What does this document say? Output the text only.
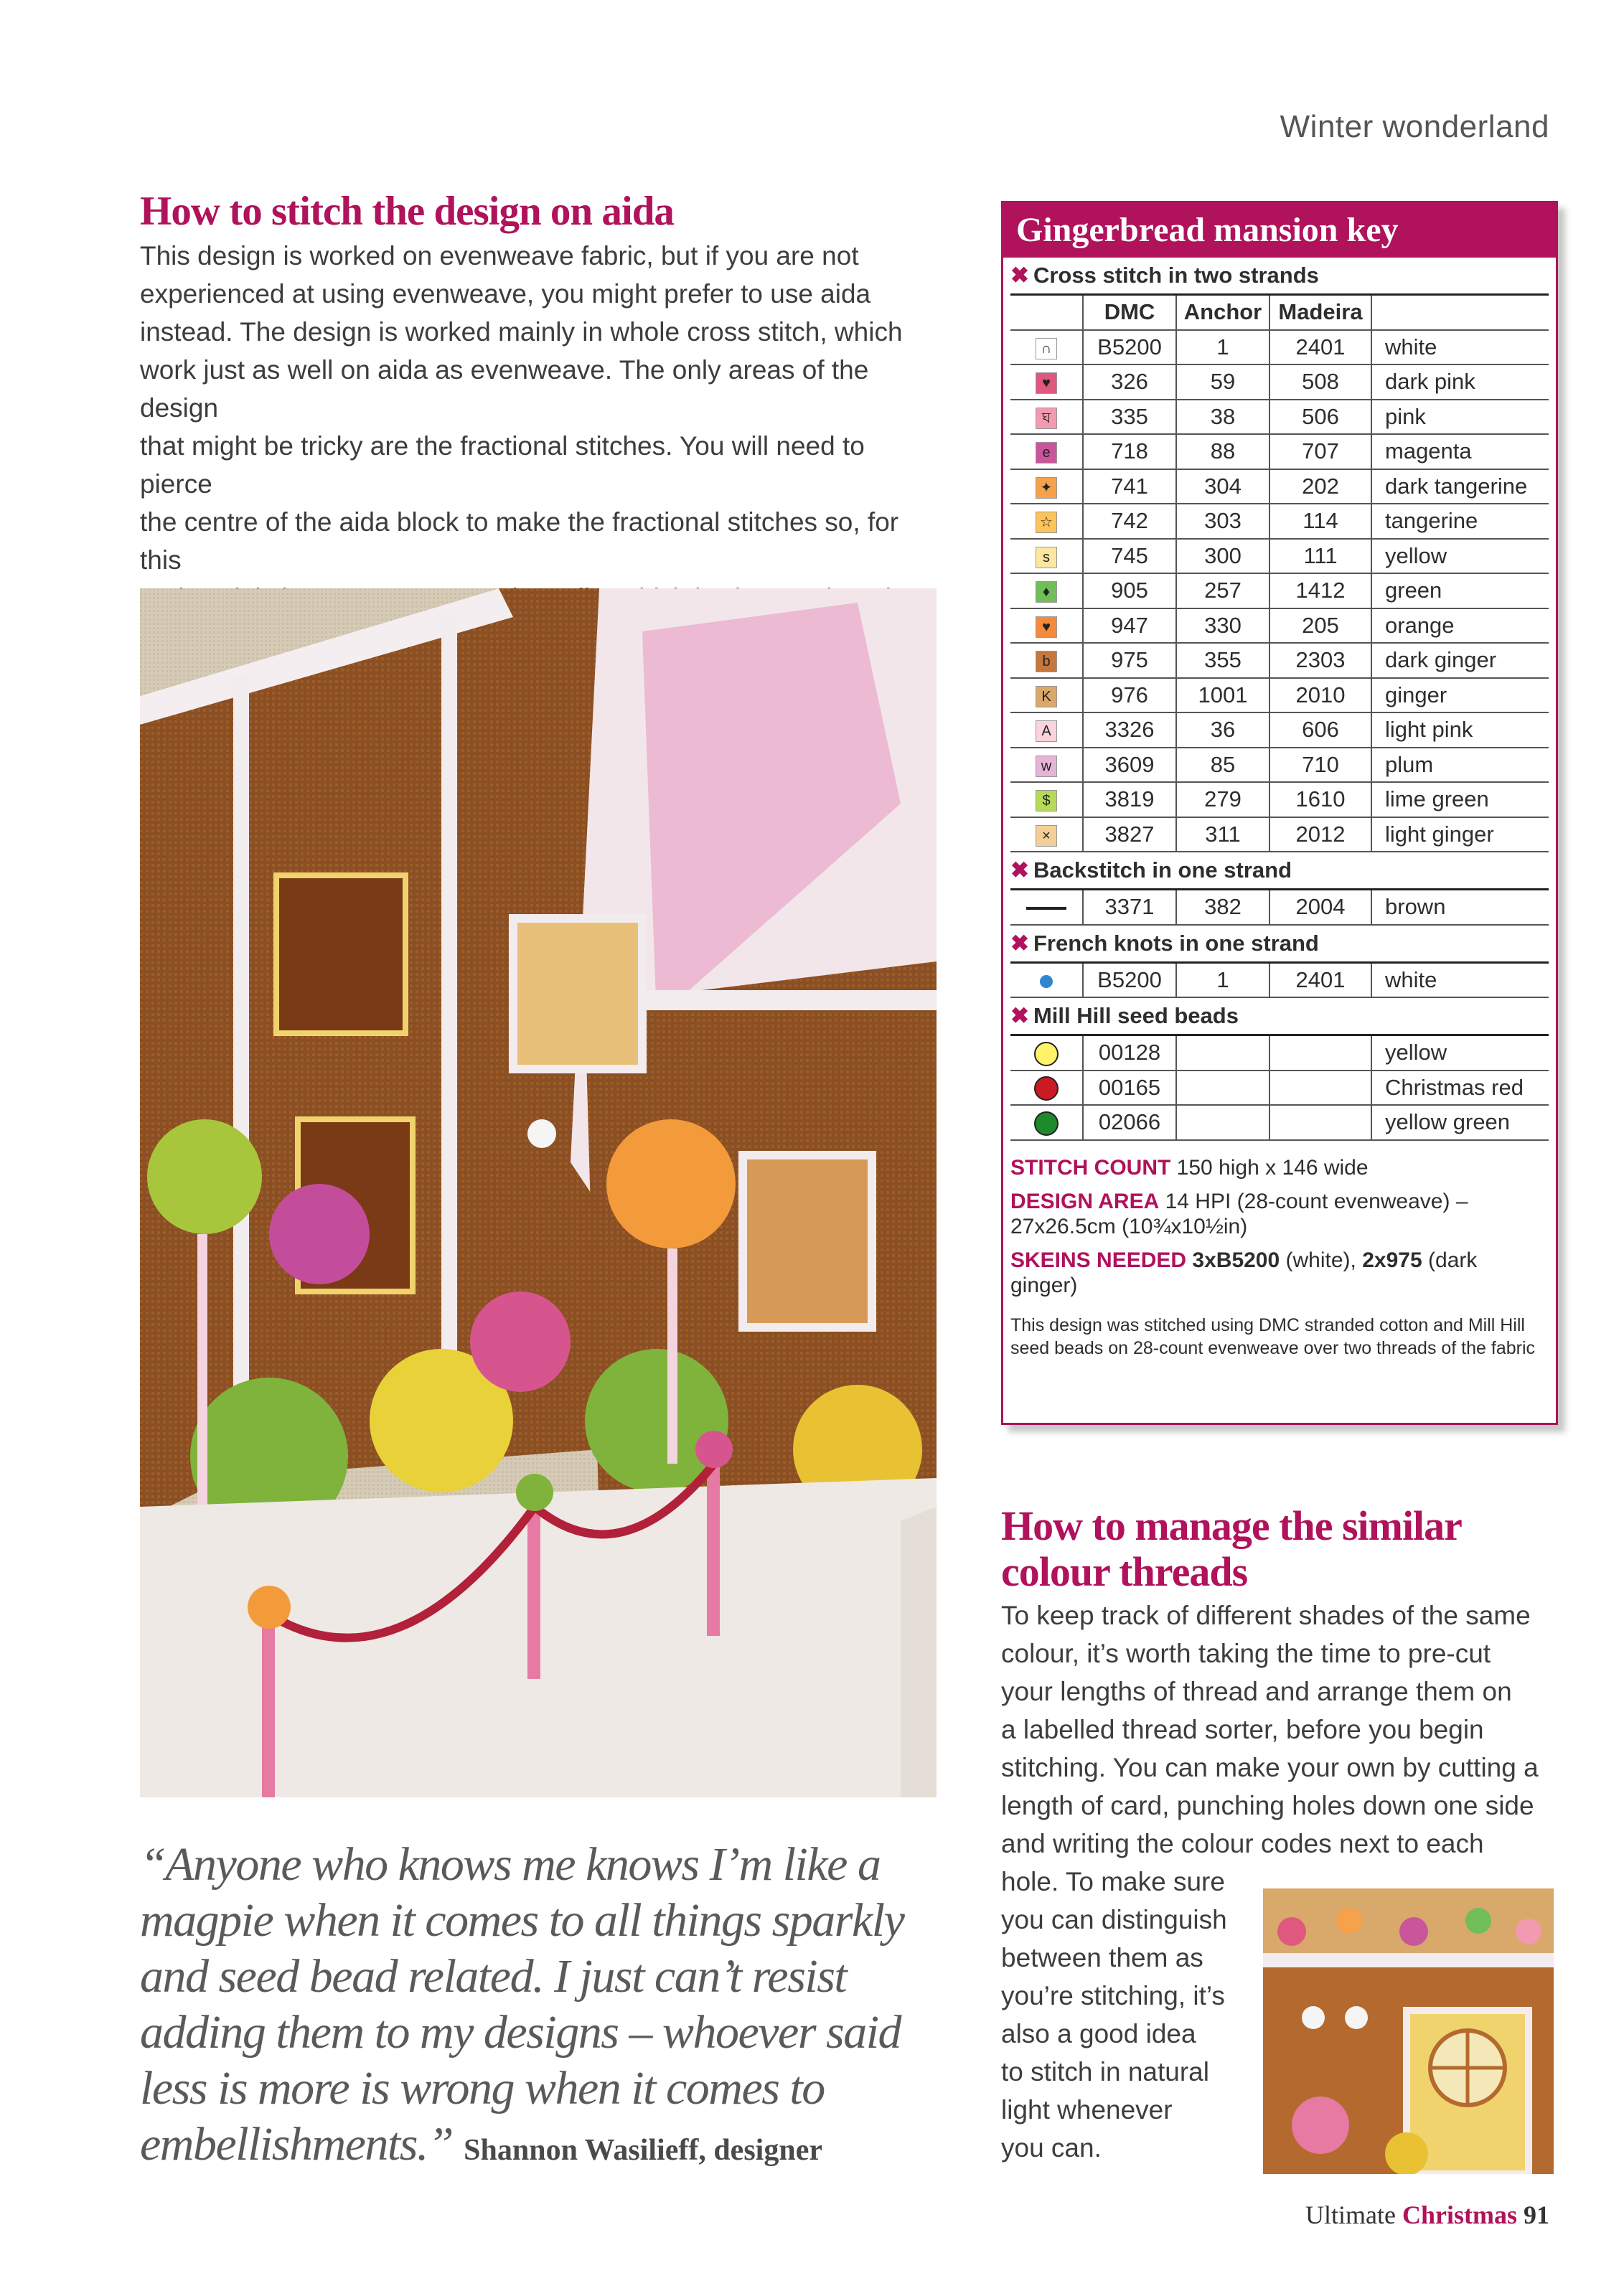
Winter wonderland
How to stitch the design on aida
This design is worked on evenweave fabric, but if you are not
experienced at using evenweave, you might prefer to use aida
instead. The design is worked mainly in whole cross stitch, which
work just as well on aida as evenweave. The only areas of the design
that might be tricky are the fractional stitches. You will need to pierce
the centre of the aida block to make the fractional stitches so, for this
“Anyone who knows me knows I’m like a magpie when it comes to all things sparkly and seed bead related. I just can’t resist adding them to my designs – whoever said less is more is wrong when it comes to embellishments.” Shannon Wasilieff, designer
Gingerbread mansion key
✖ Cross stitch in two strands
	DMC	Anchor	Madeira	
∩	B5200	1	2401	white
♥	326	59	508	dark pink
ঘ	335	38	506	pink
e	718	88	707	magenta
✦	741	304	202	dark tangerine
☆	742	303	114	tangerine
s	745	300	111	yellow
♦	905	257	1412	green
♥	947	330	205	orange
b	975	355	2303	dark ginger
K	976	1001	2010	ginger
A	3326	36	606	light pink
w	3609	85	710	plum
$	3819	279	1610	lime green
×	3827	311	2012	light ginger
✖ Backstitch in one strand
	3371	382	2004	brown
✖ French knots in one strand
	B5200	1	2401	white
✖ Mill Hill seed beads
	00128			yellow
	00165			Christmas red
	02066			yellow green

STITCH COUNT 150 high x 146 wide

DESIGN AREA 14 HPI (28-count evenweave) – 27x26.5cm (10¾x10½in)

SKEINS NEEDED 3xB5200 (white), 2x975 (dark ginger)

This design was stitched using DMC stranded cotton and Mill Hill seed beads on 28-count evenweave over two threads of the fabric

How to manage the similar
colour threads
To keep track of different shades of the same
colour, it’s worth taking the time to pre-cut
your lengths of thread and arrange them on
a labelled thread sorter, before you begin
stitching. You can make your own by cutting a
length of card, punching holes down one side
and writing the colour codes next to each
hole. To make sure
you can distinguish
between them as
you’re stitching, it’s
also a good idea
to stitch in natural
light whenever
you can.
Ultimate Christmas 91
